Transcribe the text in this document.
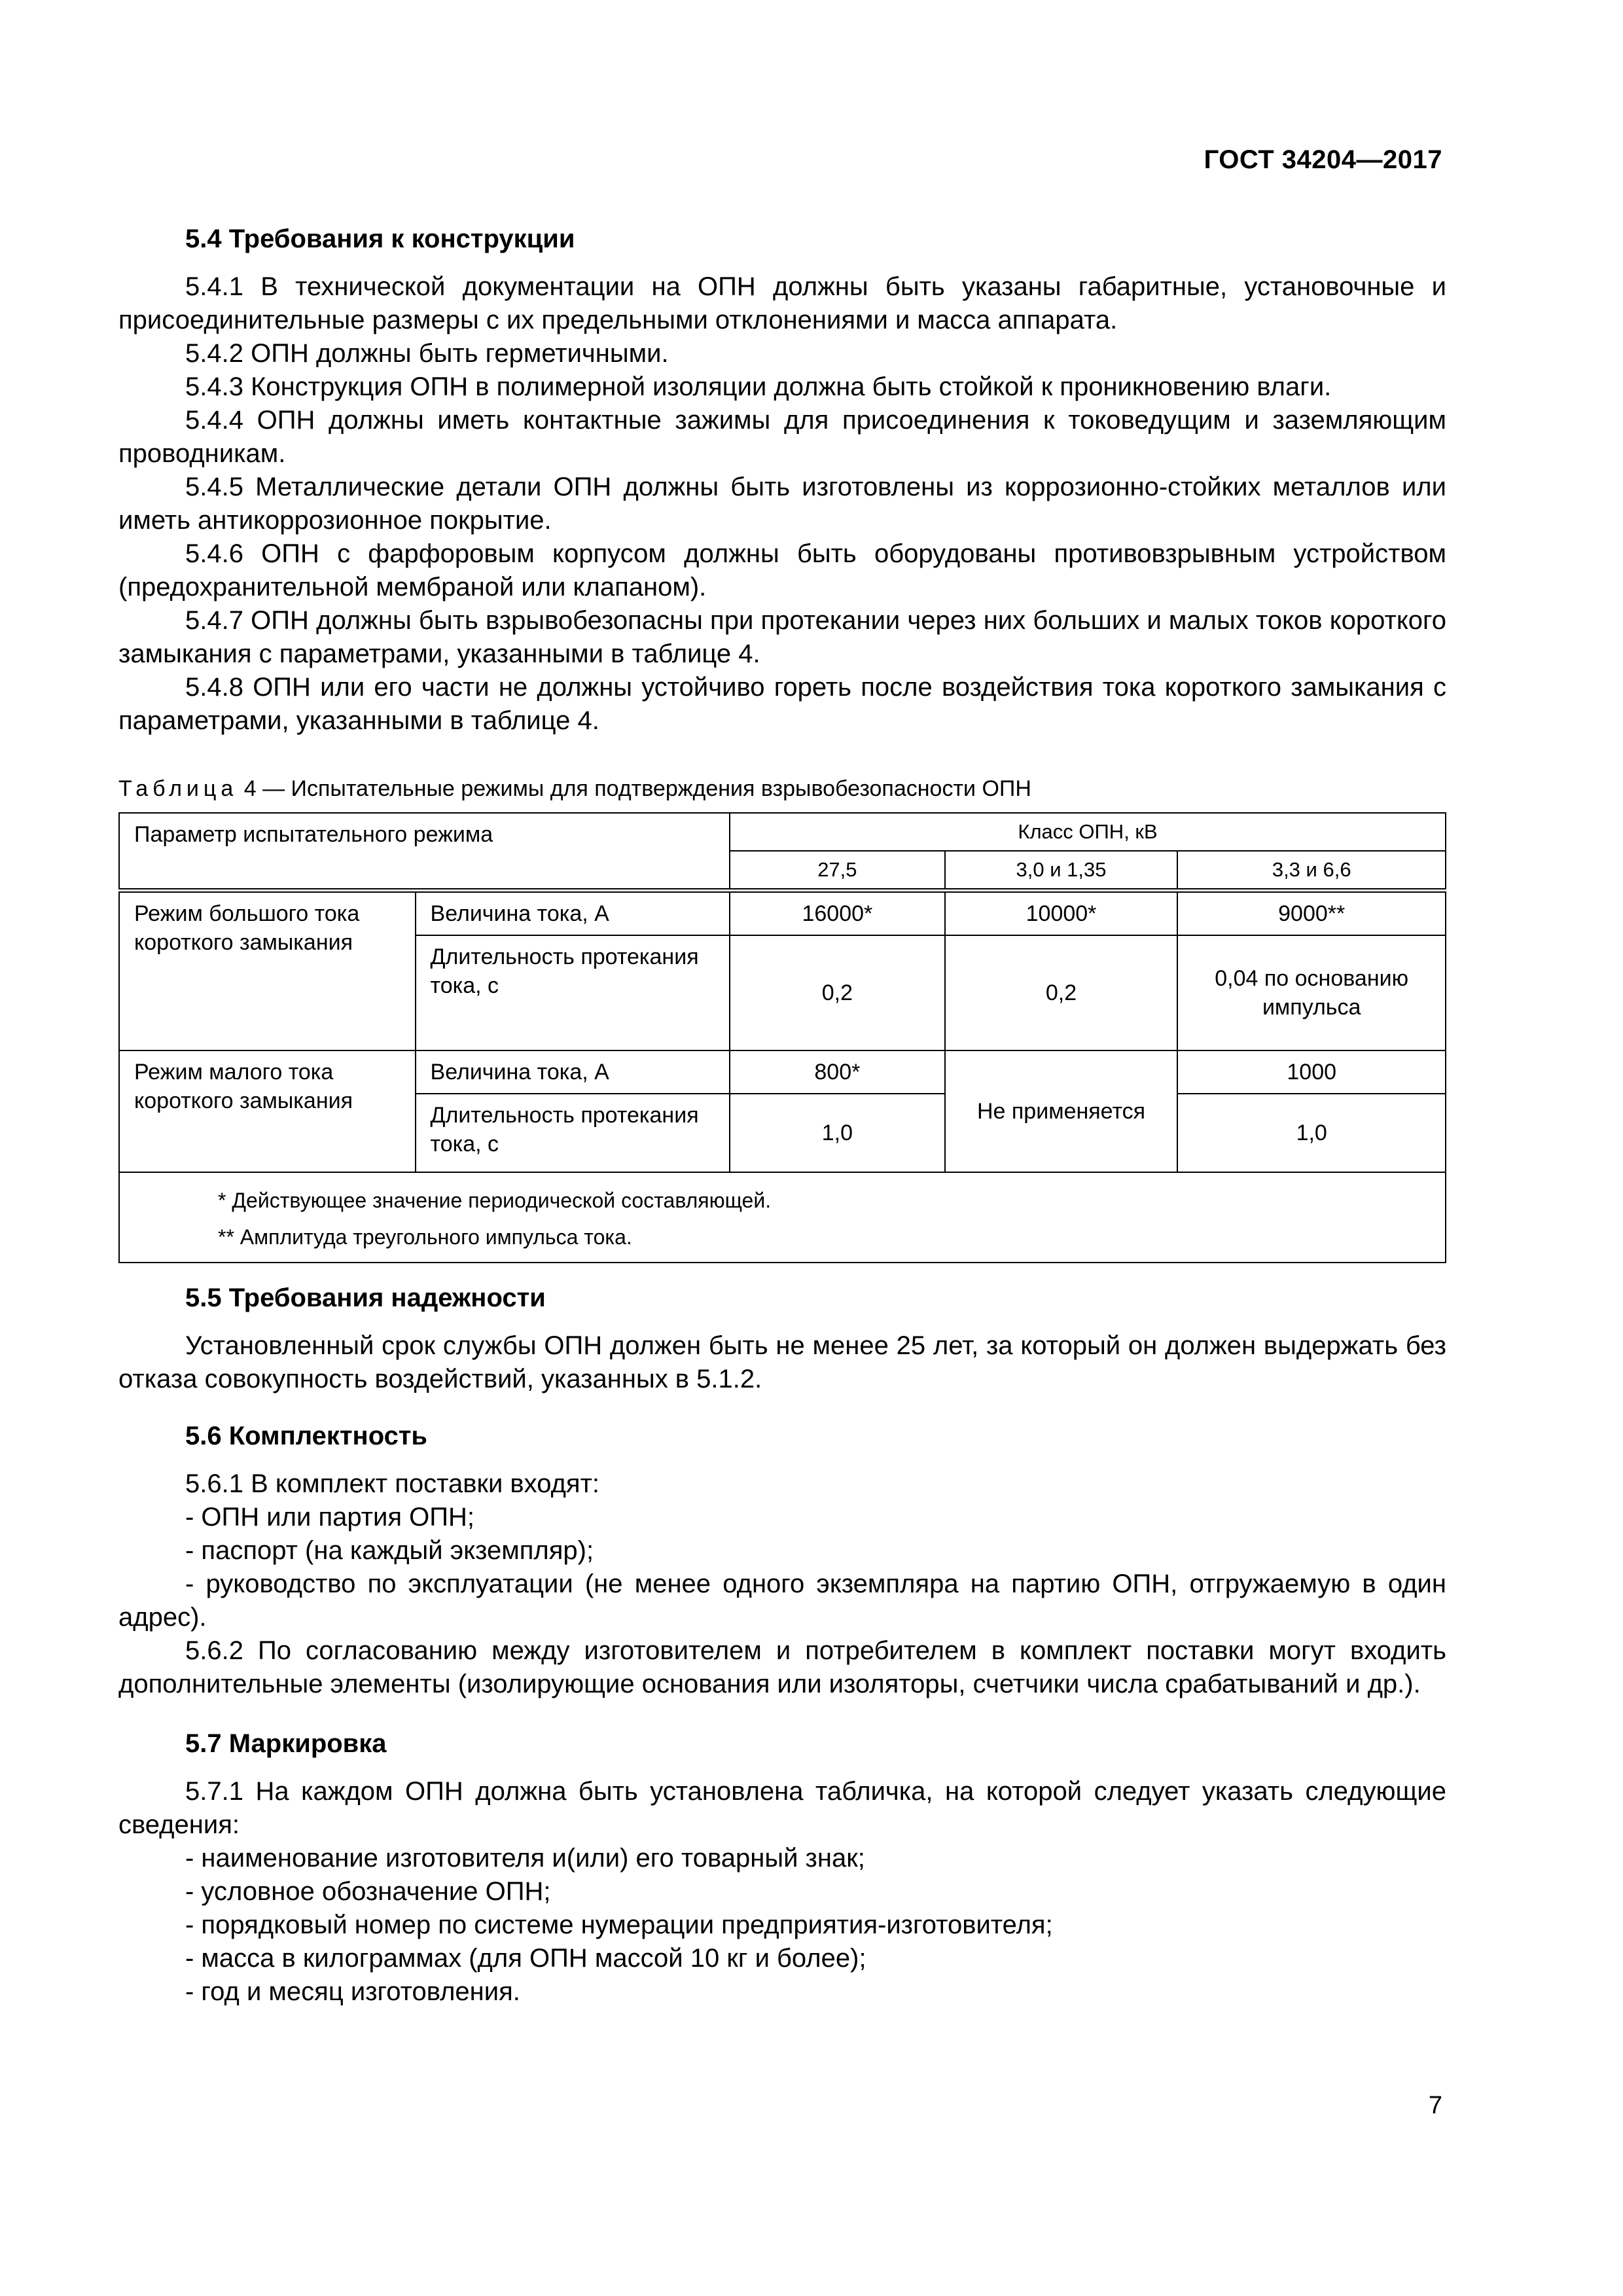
ГОСТ 34204—2017

5.4 Требования к конструкции

5.4.1 В технической документации на ОПН должны быть указаны габаритные, установочные и присоединительные размеры с их предельными отклонениями и масса аппарата.

5.4.2 ОПН должны быть герметичными.

5.4.3 Конструкция ОПН в полимерной изоляции должна быть стойкой к проникновению влаги.

5.4.4 ОПН должны иметь контактные зажимы для присоединения к токоведущим и заземляющим проводникам.

5.4.5 Металлические детали ОПН должны быть изготовлены из коррозионно-стойких металлов или иметь антикоррозионное покрытие.

5.4.6 ОПН с фарфоровым корпусом должны быть оборудованы противовзрывным устройством (предохранительной мембраной или клапаном).

5.4.7 ОПН должны быть взрывобезопасны при протекании через них больших и малых токов короткого замыкания с параметрами, указанными в таблице 4.

5.4.8 ОПН или его части не должны устойчиво гореть после воздействия тока короткого замыкания с параметрами, указанными в таблице 4.

Таблица 4 — Испытательные режимы для подтверждения взрывобезопасности ОПН

Параметр испытательного режима		Класс ОПН, кВ		
		27,5	3,0 и 1,35	3,3 и 6,6
Режим большого тока короткого замыкания	Величина тока, А	16000*	10000*	9000**
	Длительность протекания тока, с	0,2	0,2	0,04 по основанию импульса
Режим малого тока короткого замыкания	Величина тока, А	800*	Не применяется	1000
	Длительность протекания тока, с	1,0		1,0

* Действующее значение периодической составляющей.
** Амплитуда треугольного импульса тока.				

5.5 Требования надежности

Установленный срок службы ОПН должен быть не менее 25 лет, за который он должен выдержать без отказа совокупность воздействий, указанных в 5.1.2.

5.6 Комплектность

5.6.1 В комплект поставки входят:

- ОПН или партия ОПН;

- паспорт (на каждый экземпляр);

- руководство по эксплуатации (не менее одного экземпляра на партию ОПН, отгружаемую в один адрес).

5.6.2 По согласованию между изготовителем и потребителем в комплект поставки могут входить дополнительные элементы (изолирующие основания или изоляторы, счетчики числа срабатываний и др.).

5.7 Маркировка

5.7.1 На каждом ОПН должна быть установлена табличка, на которой следует указать следующие сведения:

- наименование изготовителя и(или) его товарный знак;

- условное обозначение ОПН;

- порядковый номер по системе нумерации предприятия-изготовителя;

- масса в килограммах (для ОПН массой 10 кг и более);

- год и месяц изготовления.

7
